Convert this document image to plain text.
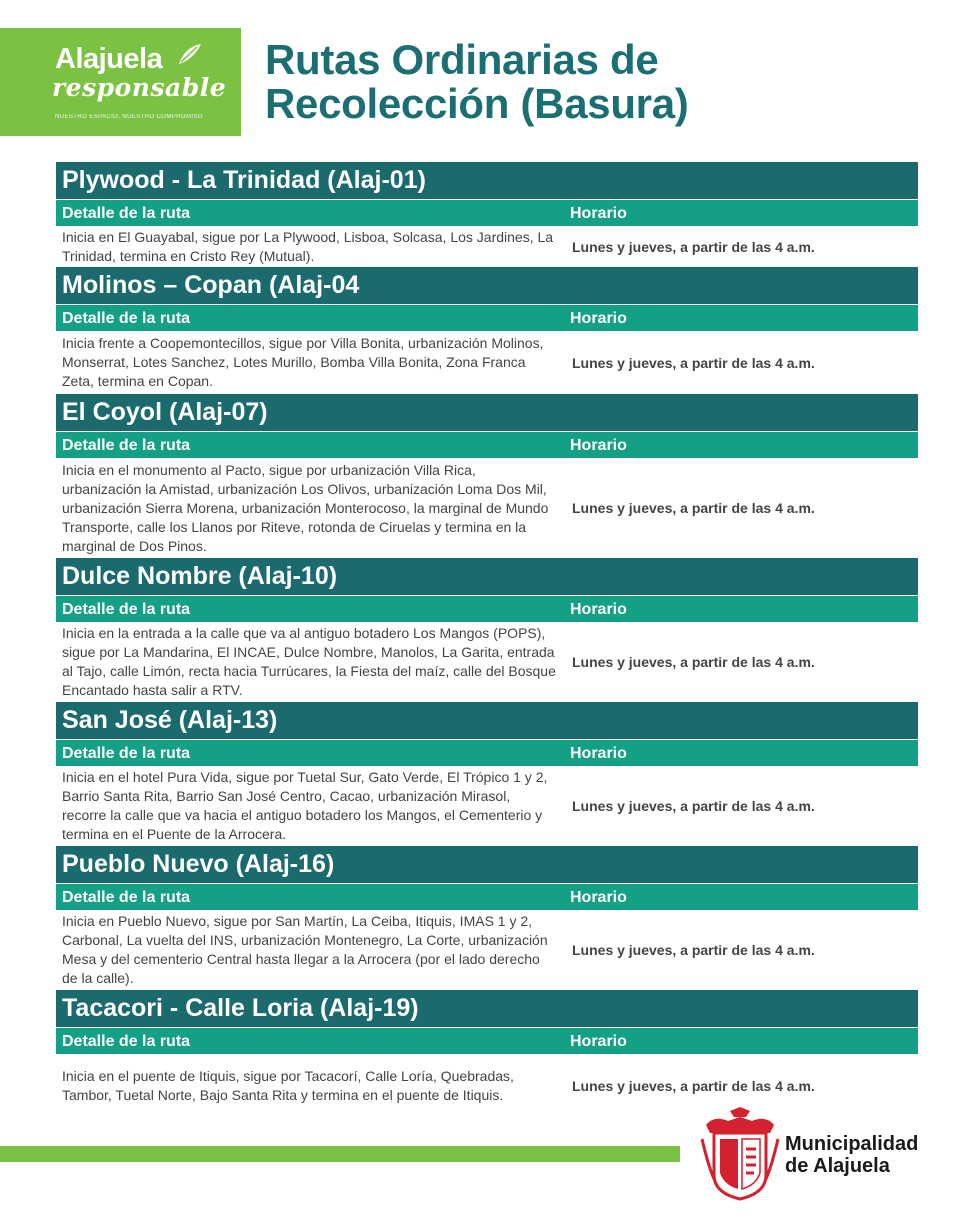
Alajuela
responsable
NUESTRO ESPACIO, NUESTRO COMPROMISO
Rutas Ordinarias de
Recolección (Basura)
Plywood - La Trinidad (Alaj-01)
Detalle de la ruta	Horario
Inicia en El Guayabal, sigue por La Plywood, Lisboa, Solcasa, Los Jardines, La Trinidad, termina en Cristo Rey (Mutual).
Lunes y jueves, a partir de las 4 a.m.
Molinos – Copan (Alaj-04
Detalle de la ruta	Horario
Inicia frente a Coopemontecillos, sigue por Villa Bonita, urbanización Molinos, Monserrat, Lotes Sanchez, Lotes Murillo, Bomba Villa Bonita, Zona Franca Zeta, termina en Copan.
Lunes y jueves, a partir de las 4 a.m.
El Coyol (Alaj-07)
Detalle de la ruta	Horario
Inicia en el monumento al Pacto, sigue por urbanización Villa Rica, urbanización la Amistad, urbanización Los Olivos, urbanización Loma Dos Mil, urbanización Sierra Morena, urbanización Monterocoso, la marginal de Mundo Transporte, calle los Llanos por Riteve, rotonda de Ciruelas y termina en la marginal de Dos Pinos.
Lunes y jueves, a partir de las 4 a.m.
Dulce Nombre (Alaj-10)
Detalle de la ruta	Horario
Inicia en la entrada a la calle que va al antiguo botadero Los Mangos (POPS), sigue por La Mandarina, El INCAE, Dulce Nombre, Manolos, La Garita, entrada al Tajo, calle Limón, recta hacia Turrúcares, la Fiesta del maíz, calle del Bosque Encantado hasta salir a RTV.
Lunes y jueves, a partir de las 4 a.m.
San José (Alaj-13)
Detalle de la ruta	Horario
Inicia en el hotel Pura Vida, sigue por Tuetal Sur, Gato Verde, El Trópico 1 y 2, Barrio Santa Rita, Barrio San José Centro, Cacao, urbanización Mirasol, recorre la calle que va hacia el antiguo botadero los Mangos, el Cementerio y termina en el Puente de la Arrocera.
Lunes y jueves, a partir de las 4 a.m.
Pueblo Nuevo (Alaj-16)
Detalle de la ruta	Horario
Inicia en Pueblo Nuevo, sigue por San Martín, La Ceiba, Itiquis, IMAS 1 y 2, Carbonal, La vuelta del INS, urbanización Montenegro, La Corte, urbanización Mesa y del cementerio Central hasta llegar a la Arrocera (por el lado derecho de la calle).
Lunes y jueves, a partir de las 4 a.m.
Tacacori - Calle Loria (Alaj-19)
Detalle de la ruta	Horario
Inicia en el puente de Itiquis, sigue por Tacacorí, Calle Loría, Quebradas, Tambor, Tuetal Norte, Bajo Santa Rita y termina en el puente de Itiquis.
Lunes y jueves, a partir de las 4 a.m.
Municipalidad
de Alajuela
